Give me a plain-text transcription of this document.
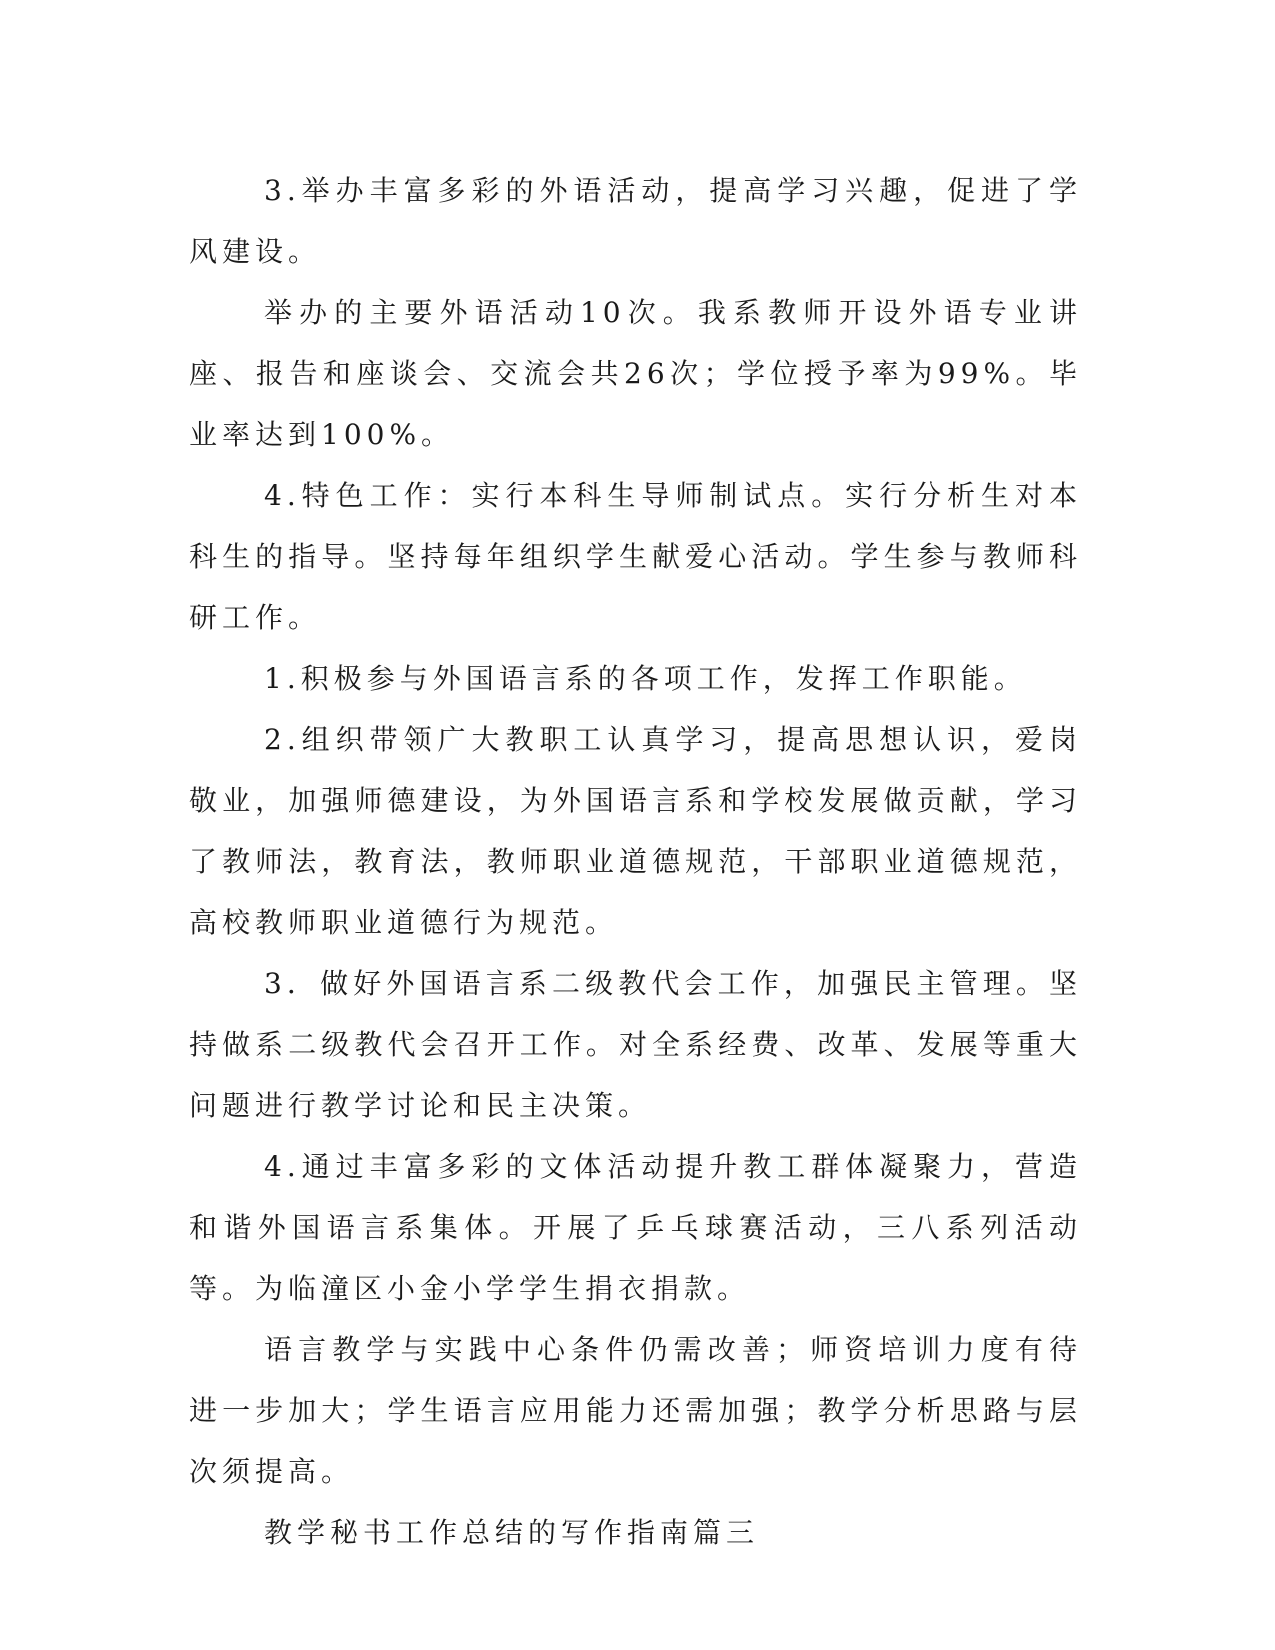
3.举办丰富多彩的外语活动，提高学习兴趣，促进了学风建设。

举办的主要外语活动10次。我系教师开设外语专业讲座、报告和座谈会、交流会共26次；学位授予率为99%。毕业率达到100%。

4.特色工作：实行本科生导师制试点。实行分析生对本科生的指导。坚持每年组织学生献爱心活动。学生参与教师科研工作。

1.积极参与外国语言系的各项工作，发挥工作职能。

2.组织带领广大教职工认真学习，提高思想认识，爱岗敬业，加强师德建设，为外国语言系和学校发展做贡献，学习了教师法，教育法，教师职业道德规范，干部职业道德规范，高校教师职业道德行为规范。

3．做好外国语言系二级教代会工作，加强民主管理。坚持做系二级教代会召开工作。对全系经费、改革、发展等重大问题进行教学讨论和民主决策。

4.通过丰富多彩的文体活动提升教工群体凝聚力，营造和谐外国语言系集体。开展了乒乓球赛活动，三八系列活动等。为临潼区小金小学学生捐衣捐款。

语言教学与实践中心条件仍需改善；师资培训力度有待进一步加大；学生语言应用能力还需加强；教学分析思路与层次须提高。

教学秘书工作总结的写作指南篇三
